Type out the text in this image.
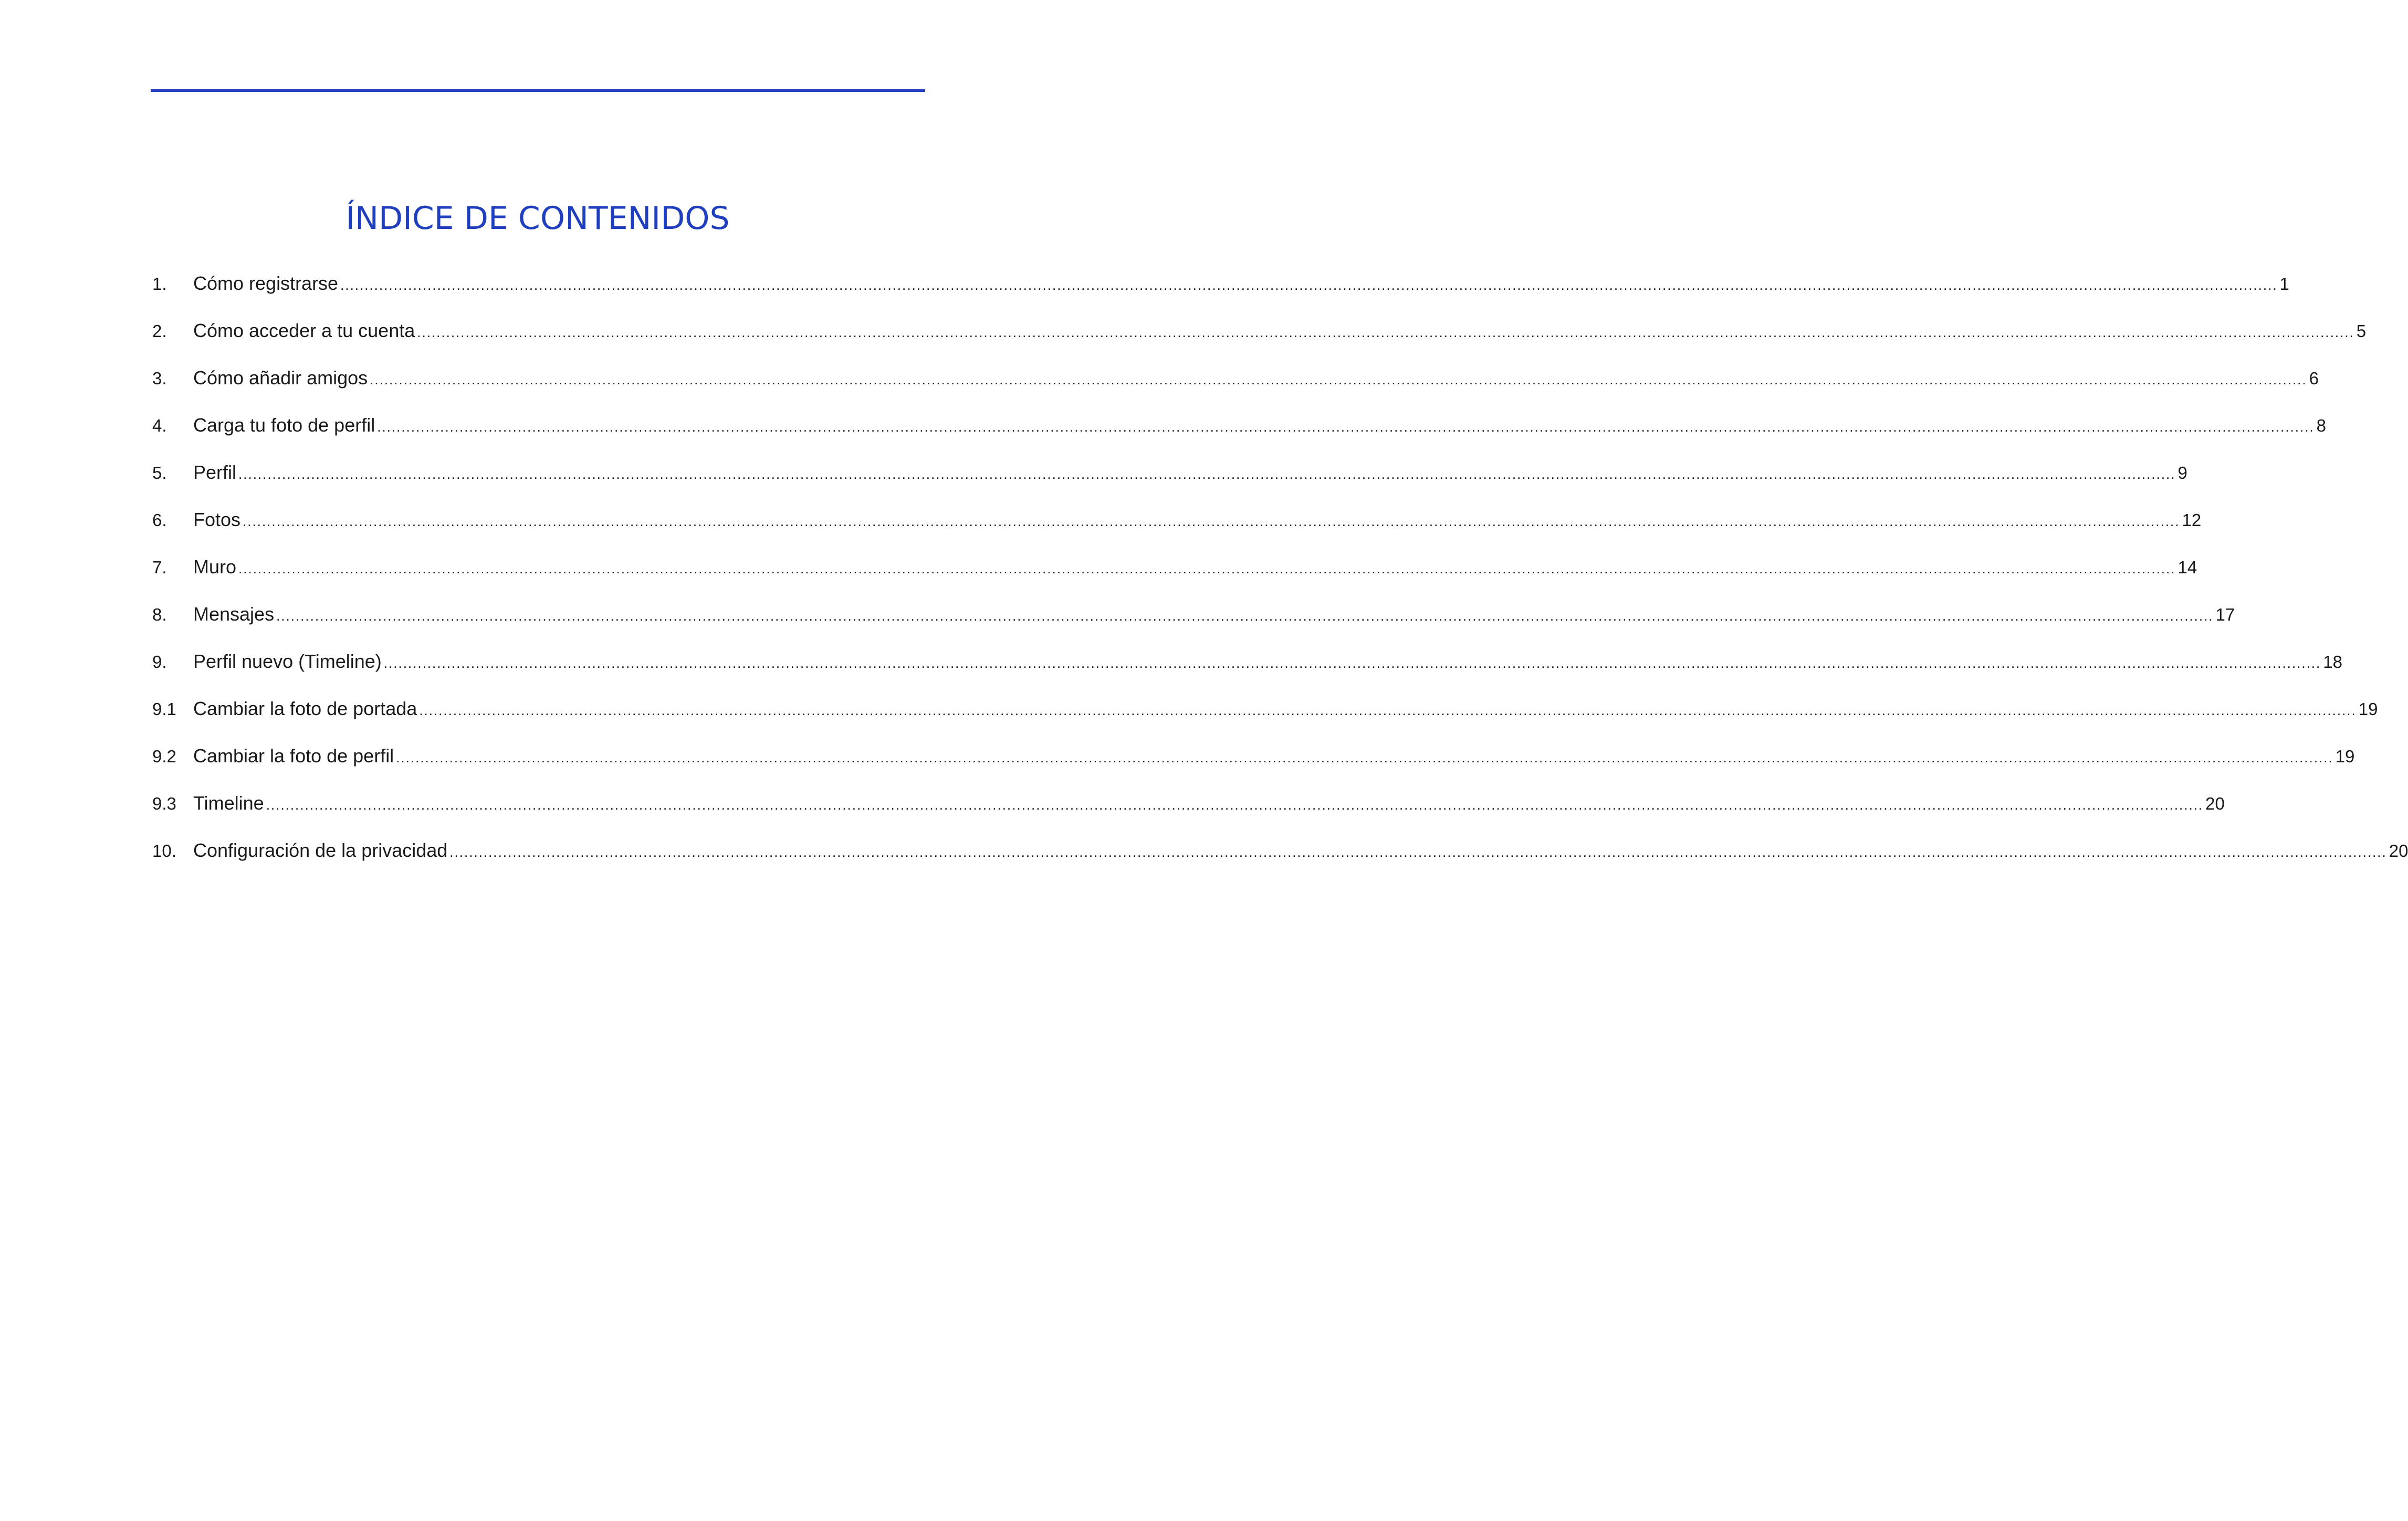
ÍNDICE DE CONTENIDOS
1.	Cómo registrarse ................................................................................................................................................................................................................................................................................................................................................................................................................ 1
2.	Cómo acceder a tu cuenta ................................................................................................................................................................................................................................................................................................................................................................................................................ 5
3.	Cómo añadir amigos ................................................................................................................................................................................................................................................................................................................................................................................................................ 6
4.	Carga tu foto de perfil ................................................................................................................................................................................................................................................................................................................................................................................................................ 8
5.	Perfil ................................................................................................................................................................................................................................................................................................................................................................................................................ 9
6.	Fotos ................................................................................................................................................................................................................................................................................................................................................................................................................ 12
7.	Muro ................................................................................................................................................................................................................................................................................................................................................................................................................ 14
8.	Mensajes ................................................................................................................................................................................................................................................................................................................................................................................................................ 17
9.	Perfil nuevo (Timeline) ................................................................................................................................................................................................................................................................................................................................................................................................................ 18
9.1 Cambiar la foto de portada ................................................................................................................................................................................................................................................................................................................................................................................................................ 19
9.2 Cambiar la foto de perfil ................................................................................................................................................................................................................................................................................................................................................................................................................ 19
9.3 Timeline ................................................................................................................................................................................................................................................................................................................................................................................................................ 20
10. Configuración de la privacidad ................................................................................................................................................................................................................................................................................................................................................................................................................ 20
